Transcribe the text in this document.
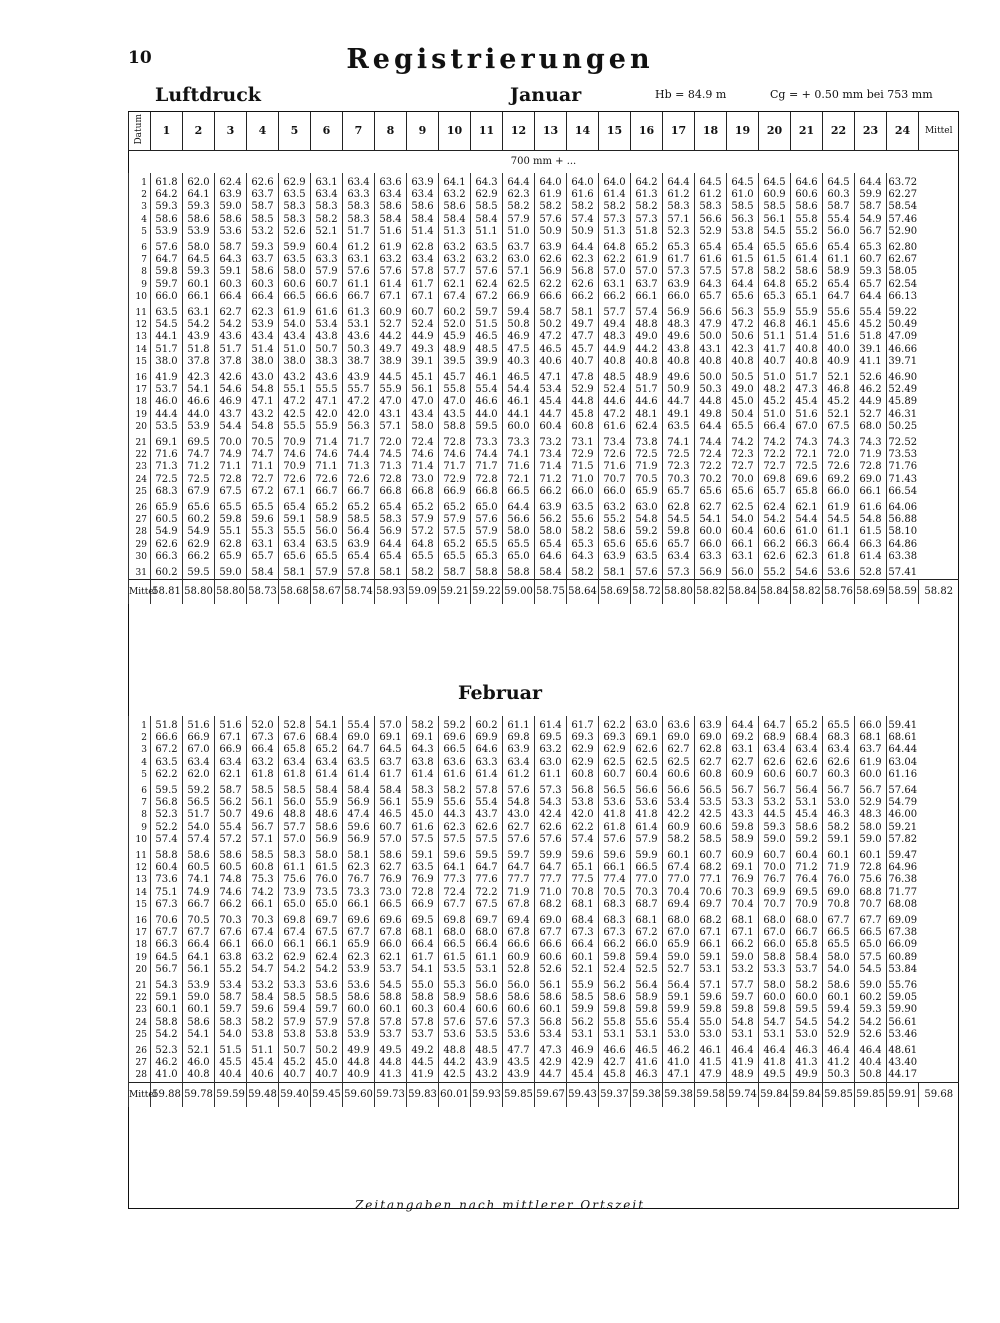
10	Registrierungen
Luftdruck	Januar	Hb = 84.9 m	Cg = + 0.50 mm bei 753 mm
Datum	1	2	3	4	5	6	7	8	9	10	11	12	13	14	15	16	17	18	19	20	21	22	23	24	Mittel
700 mm + ...																									
1	61.8	62.0	62.4	62.6	62.9	63.1	63.4	63.6	63.9	64.1	64.3	64.4	64.0	64.0	64.0	64.2	64.4	64.5	64.5	64.5	64.6	64.5	64.4	63.72	
2	64.2	64.1	63.9	63.7	63.5	63.4	63.3	63.4	63.4	63.2	62.9	62.3	61.9	61.6	61.4	61.3	61.2	61.2	61.0	60.9	60.6	60.3	59.9	62.27	
3	59.3	59.3	59.0	58.7	58.3	58.3	58.3	58.6	58.6	58.6	58.5	58.2	58.2	58.2	58.2	58.2	58.3	58.3	58.5	58.5	58.6	58.7	58.7	58.54	
4	58.6	58.6	58.6	58.5	58.3	58.2	58.3	58.4	58.4	58.4	58.4	57.9	57.6	57.4	57.3	57.3	57.1	56.6	56.3	56.1	55.8	55.4	54.9	57.46	
5	53.9	53.9	53.6	53.2	52.6	52.1	51.7	51.6	51.4	51.3	51.1	51.0	50.9	50.9	51.3	51.8	52.3	52.9	53.8	54.5	55.2	56.0	56.7	52.90	
6	57.6	58.0	58.7	59.3	59.9	60.4	61.2	61.9	62.8	63.2	63.5	63.7	63.9	64.4	64.8	65.2	65.3	65.4	65.4	65.5	65.6	65.4	65.3	62.80	
7	64.7	64.5	64.3	63.7	63.5	63.3	63.1	63.2	63.4	63.2	63.2	63.0	62.6	62.3	62.2	61.9	61.7	61.6	61.5	61.5	61.4	61.1	60.7	62.67	
8	59.8	59.3	59.1	58.6	58.0	57.9	57.6	57.6	57.8	57.7	57.6	57.1	56.9	56.8	57.0	57.0	57.3	57.5	57.8	58.2	58.6	58.9	59.3	58.05	
9	59.7	60.1	60.3	60.3	60.6	60.7	61.1	61.4	61.7	62.1	62.4	62.5	62.2	62.6	63.1	63.7	63.9	64.3	64.4	64.8	65.2	65.4	65.7	62.54	
10	66.0	66.1	66.4	66.4	66.5	66.6	66.7	67.1	67.1	67.4	67.2	66.9	66.6	66.2	66.2	66.1	66.0	65.7	65.6	65.3	65.1	64.7	64.4	66.13	
11	63.5	63.1	62.7	62.3	61.9	61.6	61.3	60.9	60.7	60.2	59.7	59.4	58.7	58.1	57.7	57.4	56.9	56.6	56.3	55.9	55.9	55.6	55.4	59.22	
12	54.5	54.2	54.2	53.9	54.0	53.4	53.1	52.7	52.4	52.0	51.5	50.8	50.2	49.7	49.4	48.8	48.3	47.9	47.2	46.8	46.1	45.6	45.2	50.49	
13	44.1	43.9	43.6	43.4	43.4	43.8	43.6	44.2	44.9	45.9	46.5	46.9	47.2	47.7	48.3	49.0	49.6	50.0	50.6	51.1	51.4	51.6	51.8	47.09	
14	51.7	51.8	51.7	51.4	51.0	50.7	50.3	49.7	49.3	48.9	48.5	47.5	46.5	45.7	44.9	44.2	43.8	43.1	42.3	41.7	40.8	40.0	39.1	46.66	
15	38.0	37.8	37.8	38.0	38.0	38.3	38.7	38.9	39.1	39.5	39.9	40.3	40.6	40.7	40.8	40.8	40.8	40.8	40.8	40.7	40.8	40.9	41.1	39.71	
16	41.9	42.3	42.6	43.0	43.2	43.6	43.9	44.5	45.1	45.7	46.1	46.5	47.1	47.8	48.5	48.9	49.6	50.0	50.5	51.0	51.7	52.1	52.6	46.90	
17	53.7	54.1	54.6	54.8	55.1	55.5	55.7	55.9	56.1	55.8	55.4	54.4	53.4	52.9	52.4	51.7	50.9	50.3	49.0	48.2	47.3	46.8	46.2	52.49	
18	46.0	46.6	46.9	47.1	47.2	47.1	47.2	47.0	47.0	47.0	46.6	46.1	45.4	44.8	44.6	44.6	44.7	44.8	45.0	45.2	45.4	45.2	44.9	45.89	
19	44.4	44.0	43.7	43.2	42.5	42.0	42.0	43.1	43.4	43.5	44.0	44.1	44.7	45.8	47.2	48.1	49.1	49.8	50.4	51.0	51.6	52.1	52.7	46.31	
20	53.5	53.9	54.4	54.8	55.5	55.9	56.3	57.1	58.0	58.8	59.5	60.0	60.4	60.8	61.6	62.4	63.5	64.4	65.5	66.4	67.0	67.5	68.0	50.25	
21	69.1	69.5	70.0	70.5	70.9	71.4	71.7	72.0	72.4	72.8	73.3	73.3	73.2	73.1	73.4	73.8	74.1	74.4	74.2	74.2	74.3	74.3	74.3	72.52	
22	71.6	74.7	74.9	74.7	74.6	74.6	74.4	74.5	74.6	74.6	74.4	74.1	73.4	72.9	72.6	72.5	72.5	72.4	72.3	72.2	72.1	72.0	71.9	73.53	
23	71.3	71.2	71.1	71.1	70.9	71.1	71.3	71.3	71.4	71.7	71.7	71.6	71.4	71.5	71.6	71.9	72.3	72.2	72.7	72.7	72.5	72.6	72.8	71.76	
24	72.5	72.5	72.8	72.7	72.6	72.6	72.6	72.8	73.0	72.9	72.8	72.1	71.2	71.0	70.7	70.5	70.3	70.2	70.0	69.8	69.6	69.2	69.0	71.43	
25	68.3	67.9	67.5	67.2	67.1	66.7	66.7	66.8	66.8	66.9	66.8	66.5	66.2	66.0	66.0	65.9	65.7	65.6	65.6	65.7	65.8	66.0	66.1	66.54	
26	65.9	65.6	65.5	65.5	65.4	65.2	65.2	65.4	65.2	65.2	65.0	64.4	63.9	63.5	63.2	63.0	62.8	62.7	62.5	62.4	62.1	61.9	61.6	64.06	
27	60.5	60.2	59.8	59.6	59.1	58.9	58.5	58.3	57.9	57.9	57.6	56.6	56.2	55.6	55.2	54.8	54.5	54.1	54.0	54.2	54.4	54.5	54.8	56.88	
28	54.9	54.9	55.1	55.3	55.5	56.0	56.4	56.9	57.2	57.5	57.9	58.0	58.0	58.2	58.6	59.2	59.8	60.0	60.4	60.6	61.0	61.1	61.5	58.10	
29	62.6	62.9	62.8	63.1	63.4	63.5	63.9	64.4	64.8	65.2	65.5	65.5	65.4	65.3	65.6	65.6	65.7	66.0	66.1	66.2	66.3	66.4	66.3	64.86	
30	66.3	66.2	65.9	65.7	65.6	65.5	65.4	65.4	65.5	65.5	65.3	65.0	64.6	64.3	63.9	63.5	63.4	63.3	63.1	62.6	62.3	61.8	61.4	63.38	
31	60.2	59.5	59.0	58.4	58.1	57.9	57.8	58.1	58.2	58.7	58.8	58.8	58.4	58.2	58.1	57.6	57.3	56.9	56.0	55.2	54.6	53.6	52.8	57.41	
Mittel	58.81	58.80	58.80	58.73	58.68	58.67	58.74	58.93	59.09	59.21	59.22	59.00	58.75	58.64	58.69	58.72	58.80	58.82	58.84	58.84	58.82	58.76	58.69	58.59	58.82
Februar
1	51.8	51.6	51.6	52.0	52.8	54.1	55.4	57.0	58.2	59.2	60.2	61.1	61.4	61.7	62.2	63.0	63.6	63.9	64.4	64.7	65.2	65.5	66.0	59.41	
2	66.6	66.9	67.1	67.3	67.6	68.4	69.0	69.1	69.1	69.6	69.9	69.8	69.5	69.3	69.3	69.1	69.0	69.0	69.2	68.9	68.4	68.3	68.1	68.61	
3	67.2	67.0	66.9	66.4	65.8	65.2	64.7	64.5	64.3	66.5	64.6	63.9	63.2	62.9	62.9	62.6	62.7	62.8	63.1	63.4	63.4	63.4	63.7	64.44	
4	63.5	63.4	63.4	63.2	63.4	63.4	63.5	63.7	63.8	63.6	63.3	63.4	63.0	62.9	62.5	62.5	62.5	62.7	62.7	62.6	62.6	62.6	61.9	63.04	
5	62.2	62.0	62.1	61.8	61.8	61.4	61.4	61.7	61.4	61.6	61.4	61.2	61.1	60.8	60.7	60.4	60.6	60.8	60.9	60.6	60.7	60.3	60.0	61.16	
6	59.5	59.2	58.7	58.5	58.5	58.4	58.4	58.4	58.3	58.2	57.8	57.6	57.3	56.8	56.5	56.6	56.6	56.5	56.7	56.7	56.4	56.7	56.7	57.64	
7	56.8	56.5	56.2	56.1	56.0	55.9	56.9	56.1	55.9	55.6	55.4	54.8	54.3	53.8	53.6	53.6	53.4	53.5	53.3	53.2	53.1	53.0	52.9	54.79	
8	52.3	51.7	50.7	49.6	48.8	48.6	47.4	46.5	45.0	44.3	43.7	43.0	42.4	42.0	41.8	41.8	42.2	42.5	43.3	44.5	45.4	46.3	48.3	46.00	
9	52.2	54.0	55.4	56.7	57.7	58.6	59.6	60.7	61.6	62.3	62.6	62.7	62.6	62.2	61.8	61.4	60.9	60.6	59.8	59.3	58.6	58.2	58.0	59.21	
10	57.4	57.4	57.2	57.1	57.0	56.9	56.9	57.0	57.5	57.5	57.5	57.6	57.6	57.4	57.6	57.9	58.2	58.5	58.9	59.0	59.2	59.1	59.0	57.82	
11	58.8	58.6	58.6	58.5	58.3	58.0	58.1	58.6	59.1	59.6	59.5	59.7	59.9	59.6	59.6	59.9	60.1	60.7	60.9	60.7	60.4	60.1	60.1	59.47	
12	60.4	60.5	60.5	60.8	61.1	61.5	62.3	62.7	63.5	64.1	64.7	64.7	64.7	65.1	66.1	66.5	67.4	68.2	69.1	70.0	71.2	71.9	72.8	64.96	
13	73.6	74.1	74.8	75.3	75.6	76.0	76.7	76.9	76.9	77.3	77.6	77.7	77.7	77.5	77.4	77.0	77.0	77.1	76.9	76.7	76.4	76.0	75.6	76.38	
14	75.1	74.9	74.6	74.2	73.9	73.5	73.3	73.0	72.8	72.4	72.2	71.9	71.0	70.8	70.5	70.3	70.4	70.6	70.3	69.9	69.5	69.0	68.8	71.77	
15	67.3	66.7	66.2	66.1	65.0	65.0	66.1	66.5	66.9	67.7	67.5	67.8	68.2	68.1	68.3	68.7	69.4	69.7	70.4	70.7	70.9	70.8	70.7	68.08	
16	70.6	70.5	70.3	70.3	69.8	69.7	69.6	69.6	69.5	69.8	69.7	69.4	69.0	68.4	68.3	68.1	68.0	68.2	68.1	68.0	68.0	67.7	67.7	69.09	
17	67.7	67.7	67.6	67.4	67.4	67.5	67.7	67.8	68.1	68.0	68.0	67.8	67.7	67.3	67.3	67.2	67.0	67.1	67.1	67.0	66.7	66.5	66.5	67.38	
18	66.3	66.4	66.1	66.0	66.1	66.1	65.9	66.0	66.4	66.5	66.4	66.6	66.6	66.4	66.2	66.0	65.9	66.1	66.2	66.0	65.8	65.5	65.0	66.09	
19	64.5	64.1	63.8	63.2	62.9	62.4	62.3	62.1	61.7	61.5	61.1	60.9	60.6	60.1	59.8	59.4	59.0	59.1	59.0	58.8	58.4	58.0	57.5	60.89	
20	56.7	56.1	55.2	54.7	54.2	54.2	53.9	53.7	54.1	53.5	53.1	52.8	52.6	52.1	52.4	52.5	52.7	53.1	53.2	53.3	53.7	54.0	54.5	53.84	
21	54.3	53.9	53.4	53.2	53.3	53.6	53.6	54.5	55.0	55.3	56.0	56.0	56.1	55.9	56.2	56.4	56.4	57.1	57.7	58.0	58.2	58.6	59.0	55.76	
22	59.1	59.0	58.7	58.4	58.5	58.5	58.6	58.8	58.8	58.9	58.6	58.6	58.6	58.5	58.6	58.9	59.1	59.6	59.7	60.0	60.0	60.1	60.2	59.05	
23	60.1	60.1	59.7	59.6	59.4	59.7	60.0	60.1	60.3	60.4	60.6	60.6	60.1	59.9	59.8	59.8	59.9	59.8	59.8	59.8	59.5	59.4	59.3	59.90	
24	58.8	58.6	58.3	58.2	57.9	57.9	57.8	57.8	57.8	57.6	57.6	57.3	56.8	56.2	55.8	55.6	55.4	55.0	54.8	54.7	54.5	54.2	54.2	56.61	
25	54.2	54.1	54.0	53.8	53.8	53.8	53.9	53.7	53.7	53.6	53.5	53.6	53.4	53.1	53.1	53.1	53.0	53.0	53.1	53.1	53.0	52.9	52.6	53.46	
26	52.3	52.1	51.5	51.1	50.7	50.2	49.9	49.5	49.2	48.8	48.5	47.7	47.3	46.9	46.6	46.5	46.2	46.1	46.4	46.4	46.3	46.4	46.4	48.61	
27	46.2	46.0	45.5	45.4	45.2	45.0	44.8	44.8	44.5	44.2	43.9	43.5	42.9	42.9	42.7	41.6	41.0	41.5	41.9	41.8	41.3	41.2	40.4	43.40	
28	41.0	40.8	40.4	40.6	40.7	40.7	40.9	41.3	41.9	42.5	43.2	43.9	44.7	45.4	45.8	46.3	47.1	47.9	48.9	49.5	49.9	50.3	50.8	44.17	
Mittel	59.88	59.78	59.59	59.48	59.40	59.45	59.60	59.73	59.83	60.01	59.93	59.85	59.67	59.43	59.37	59.38	59.38	59.58	59.74	59.84	59.84	59.85	59.85	59.91	59.68
Zeitangaben nach mittlerer Ortszeit
